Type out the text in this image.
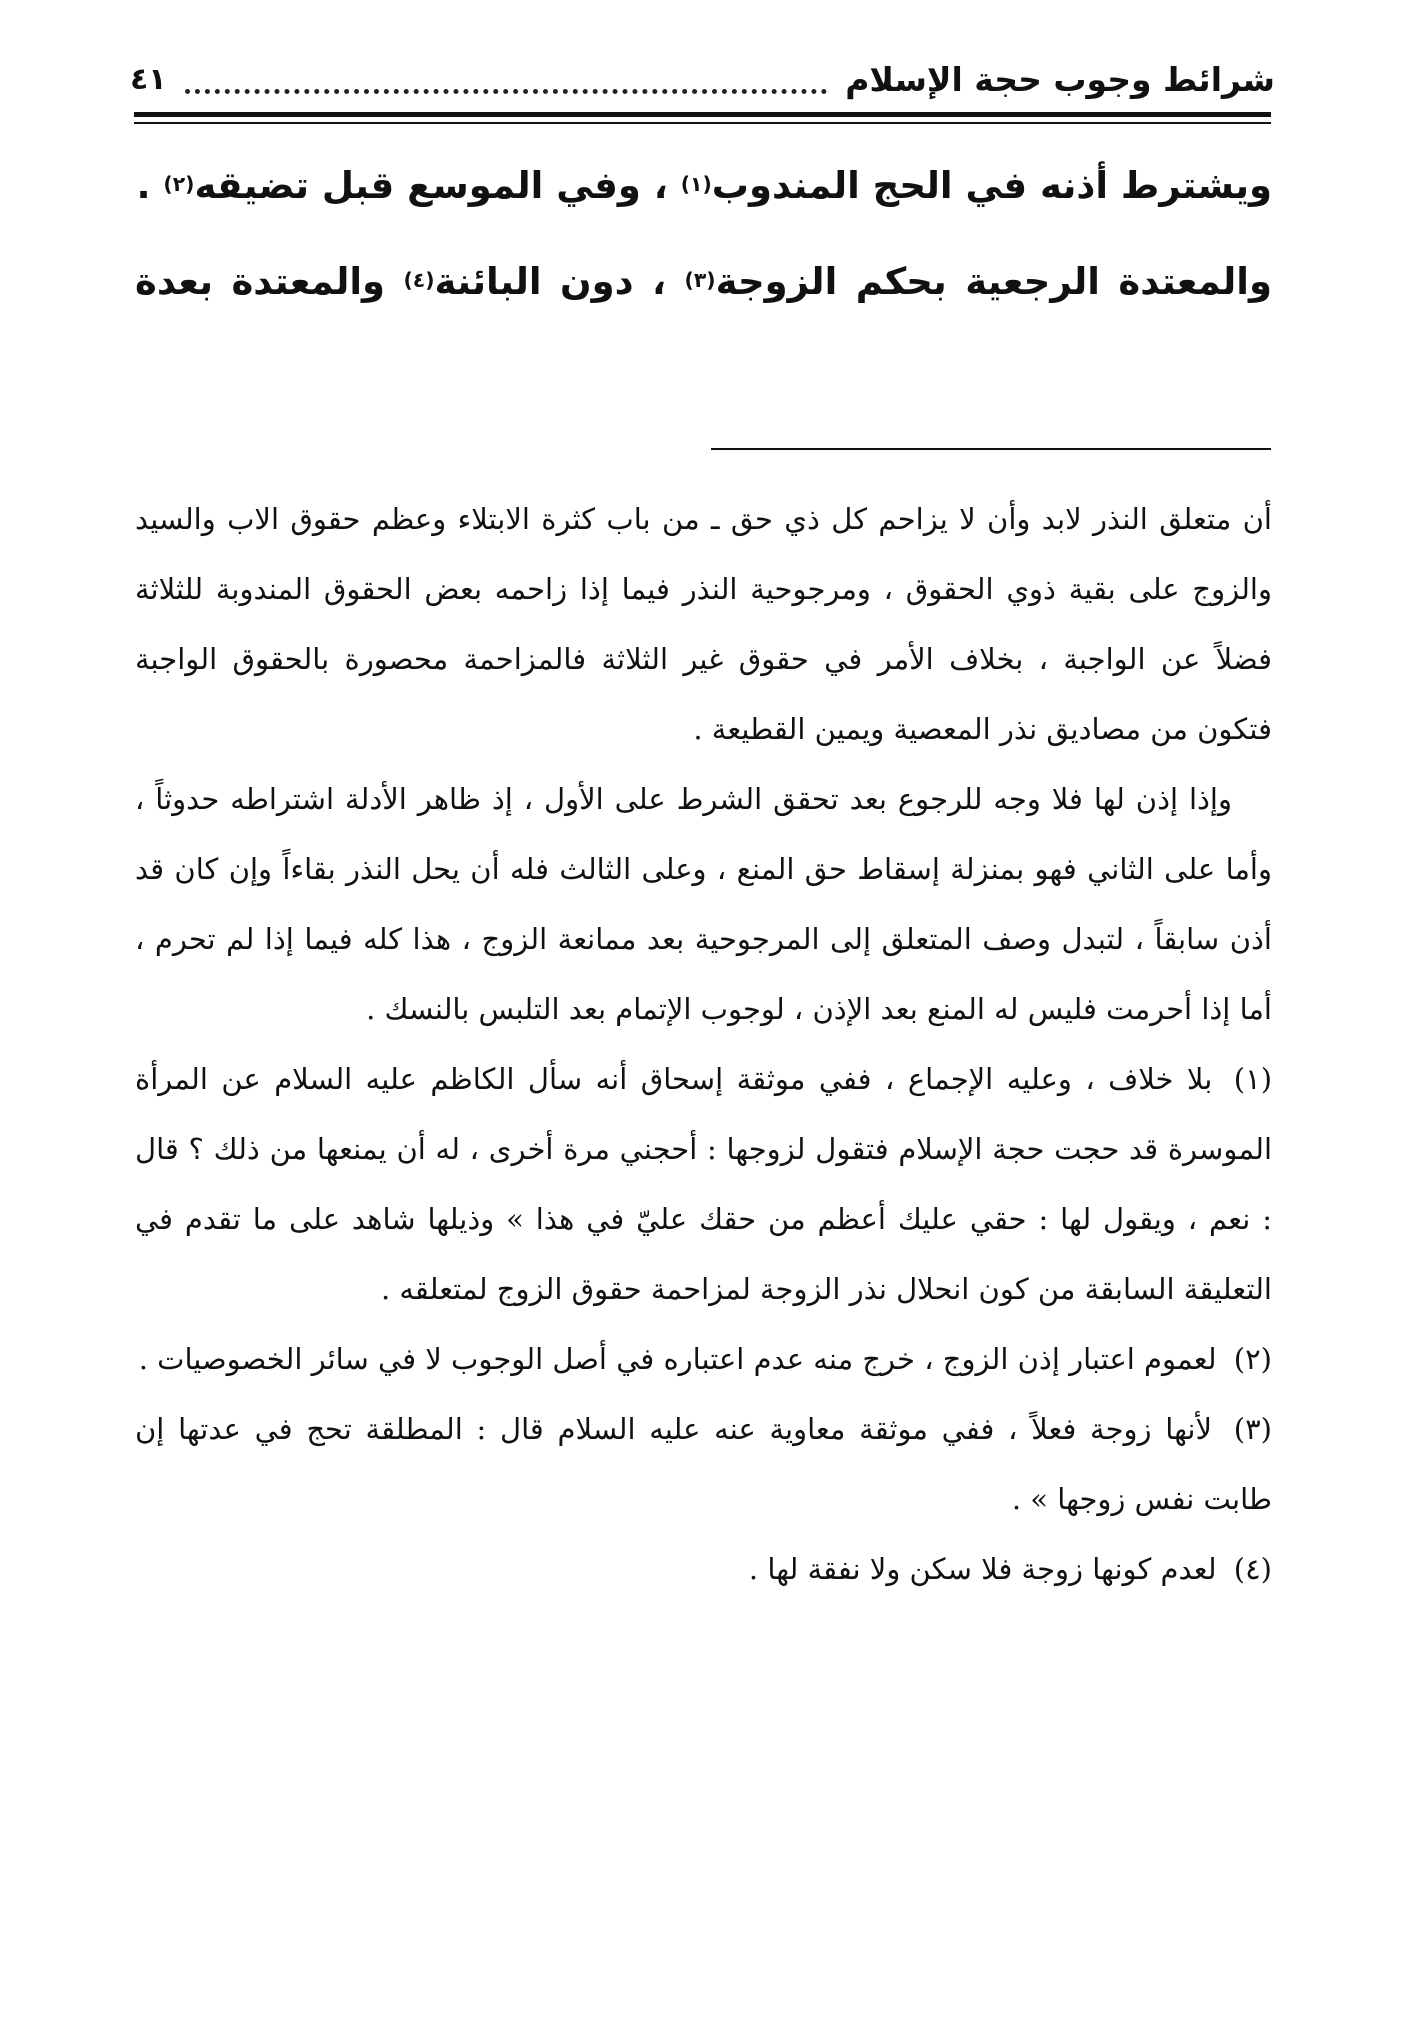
شرائط وجوب حجة الإسلام
٤١

ويشترط أذنه في الحج المندوب$^{(١)}$ ، وفي الموسع قبل تضيقه$^{(٢)}$ .

والمعتدة الرجعية بحكم الزوجة$^{(٣)}$ ، دون البائنة$^{(٤)}$ والمعتدة بعدة

أن متعلق النذر لابد وأن لا يزاحم كل ذي حق ـ من باب كثرة الابتلاء وعظم حقوق الاب والسيد والزوج على بقية ذوي الحقوق ، ومرجوحية النذر فيما إذا زاحمه بعض الحقوق المندوبة للثلاثة فضلاً عن الواجبة ، بخلاف الأمر في حقوق غير الثلاثة فالمزاحمة محصورة بالحقوق الواجبة فتكون من مصاديق نذر المعصية ويمين القطيعة .

وإذا إذن لها فلا وجه للرجوع بعد تحقق الشرط على الأول ، إذ ظاهر الأدلة اشتراطه حدوثاً ، وأما على الثاني فهو بمنزلة إسقاط حق المنع ، وعلى الثالث فله أن يحل النذر بقاءاً وإن كان قد أذن سابقاً ، لتبدل وصف المتعلق إلى المرجوحية بعد ممانعة الزوج ، هذا كله فيما إذا لم تحرم ، أما إذا أحرمت فليس له المنع بعد الإذن ، لوجوب الإتمام بعد التلبس بالنسك .

(١) بلا خلاف ، وعليه الإجماع ، ففي موثقة إسحاق أنه سأل الكاظم عليه السلام عن المرأة الموسرة قد حجت حجة الإسلام فتقول لزوجها : أحجني مرة أخرى ، له أن يمنعها من ذلك ؟ قال : نعم ، ويقول لها : حقي عليك أعظم من حقك عليّ في هذا » وذيلها شاهد على ما تقدم في التعليقة السابقة من كون انحلال نذر الزوجة لمزاحمة حقوق الزوج لمتعلقه .

(٢) لعموم اعتبار إذن الزوج ، خرج منه عدم اعتباره في أصل الوجوب لا في سائر الخصوصيات .

(٣) لأنها زوجة فعلاً ، ففي موثقة معاوية عنه عليه السلام قال : المطلقة تحج في عدتها إن طابت نفس زوجها » .

(٤) لعدم كونها زوجة فلا سكن ولا نفقة لها .
